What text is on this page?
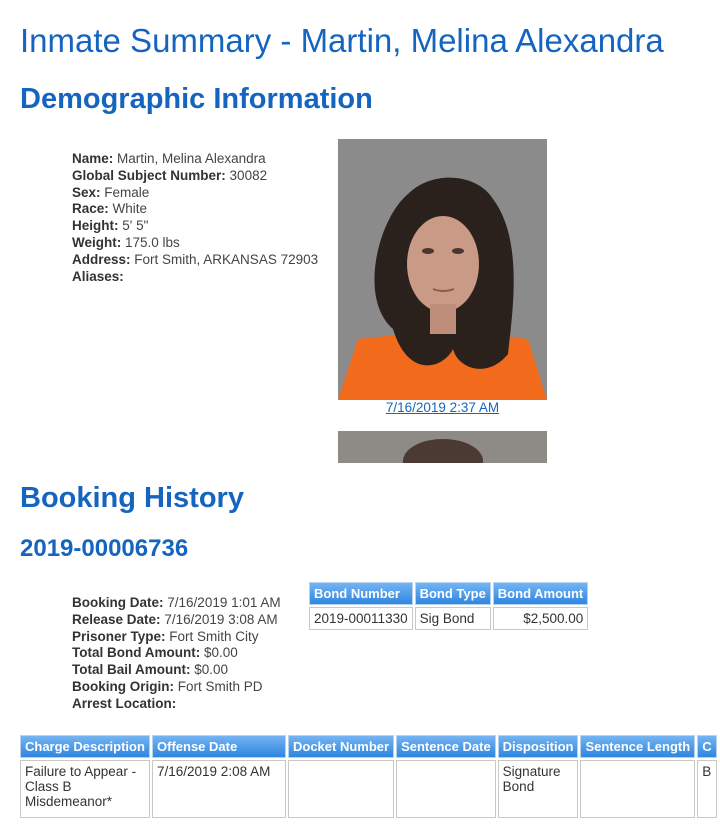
Inmate Summary - Martin, Melina Alexandra
Demographic Information
Name: Martin, Melina Alexandra
Global Subject Number: 30082
Sex: Female
Race: White
Height: 5' 5"
Weight: 175.0 lbs
Address: Fort Smith, ARKANSAS 72903
Aliases:
7/16/2019 2:37 AM
Booking History
2019-00006736
Booking Date: 7/16/2019 1:01 AM
Release Date: 7/16/2019 3:08 AM
Prisoner Type: Fort Smith City
Total Bond Amount: $0.00
Total Bail Amount: $0.00
Booking Origin: Fort Smith PD
Arrest Location:
Bond Number	Bond Type	Bond Amount
2019-00011330	Sig Bond	$2,500.00
Charge Description	Offense Date	Docket Number	Sentence Date	Disposition	Sentence Length	C
Failure to Appear - Class B Misdemeanor*	7/16/2019 2:08 AM			Signature Bond		B
